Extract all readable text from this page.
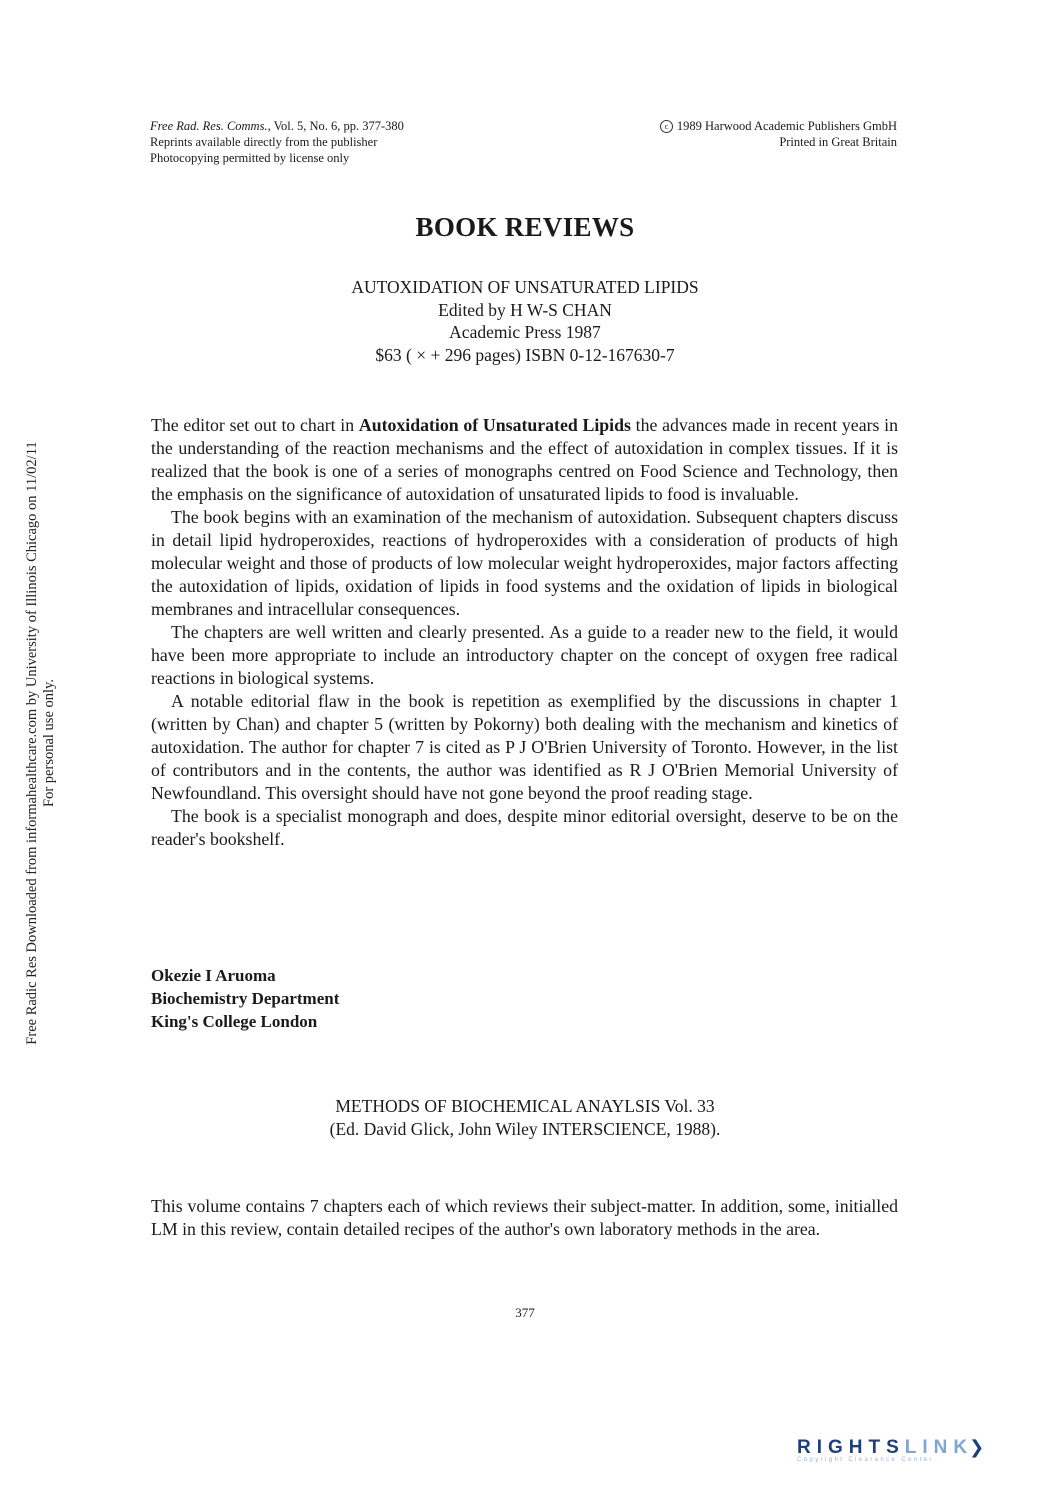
Free Radic Res Downloaded from informahealthcare.com by University of Illinois Chicago on 11/02/11 For personal use only.
Free Rad. Res. Comms., Vol. 5, No. 6, pp. 377-380
Reprints available directly from the publisher
Photocopying permitted by license only
c 1989 Harwood Academic Publishers GmbH
Printed in Great Britain
BOOK REVIEWS
AUTOXIDATION OF UNSATURATED LIPIDS
Edited by H W-S CHAN
Academic Press 1987
$63 ( × + 296 pages) ISBN 0-12-167630-7

The editor set out to chart in Autoxidation of Unsaturated Lipids the advances made in recent years in the understanding of the reaction mechanisms and the effect of autoxidation in complex tissues. If it is realized that the book is one of a series of monographs centred on Food Science and Technology, then the emphasis on the significance of autoxidation of unsaturated lipids to food is invaluable.

The book begins with an examination of the mechanism of autoxidation. Subsequent chapters discuss in detail lipid hydroperoxides, reactions of hydroperoxides with a consideration of products of high molecular weight and those of products of low molecular weight hydroperoxides, major factors affecting the autoxidation of lipids, oxidation of lipids in food systems and the oxidation of lipids in biological membranes and intracellular consequences.

The chapters are well written and clearly presented. As a guide to a reader new to the field, it would have been more appropriate to include an introductory chapter on the concept of oxygen free radical reactions in biological systems.

A notable editorial flaw in the book is repetition as exemplified by the discussions in chapter 1 (written by Chan) and chapter 5 (written by Pokorny) both dealing with the mechanism and kinetics of autoxidation. The author for chapter 7 is cited as P J O'Brien University of Toronto. However, in the list of contributors and in the contents, the author was identified as R J O'Brien Memorial University of Newfoundland. This oversight should have not gone beyond the proof reading stage.

The book is a specialist monograph and does, despite minor editorial oversight, deserve to be on the reader's bookshelf.

Okezie I Aruoma
Biochemistry Department
King's College London
METHODS OF BIOCHEMICAL ANAYLSIS Vol. 33
(Ed. David Glick, John Wiley INTERSCIENCE, 1988).

This volume contains 7 chapters each of which reviews their subject-matter. In addition, some, initialled LM in this review, contain detailed recipes of the author's own laboratory methods in the area.

377
RIGHTSLINK❯
Copyright Clearance Center
